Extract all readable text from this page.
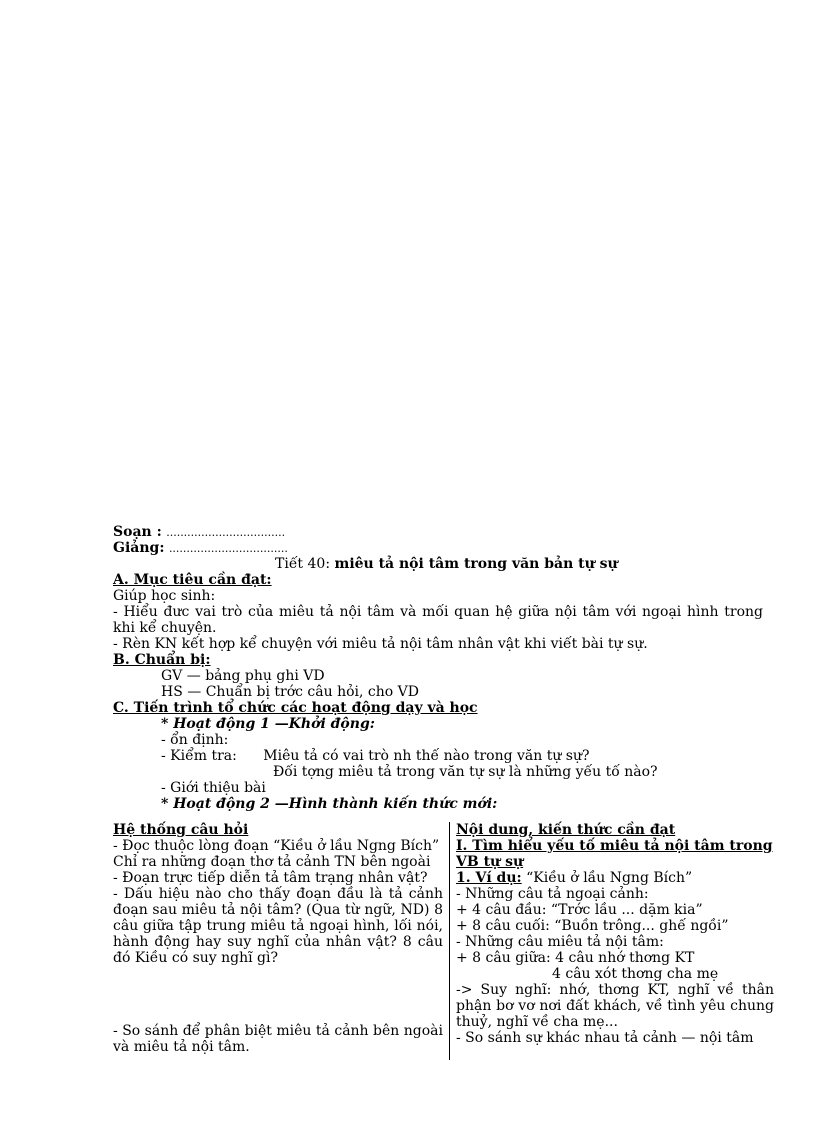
Soạn : ..................................
Giảng: ..................................
Tiết 40: miêu tả nội tâm trong văn bản tự sự
A. Mục tiêu cần đạt:
Giúp học sinh:
- Hiểu đưc vai trò của miêu tả nội tâm và mối quan hệ giữa nội tâm với ngoại hình trong khi kể chuyện.
- Rèn KN kết hợp kể chuyện với miêu tả nội tâm nhân vật khi viết bài tự sự.
B. Chuẩn bị:
GV — bảng phụ ghi VD
HS — Chuẩn bị trớc câu hỏi, cho VD
C. Tiến trình tổ chức các hoạt động dạy và học
* Hoạt động 1 —Khởi động:
- ổn định:
- Kiểm tra: Miêu tả có vai trò nh thế nào trong văn tự sự?
Đối tợng miêu tả trong văn tự sự là những yếu tố nào?
- Giới thiệu bài
* Hoạt động 2 —Hình thành kiến thức mới:
Hệ thống câu hỏi
- Đọc thuộc lòng đoạn “Kiều ở lầu Ngng Bích”
Chỉ ra những đoạn thơ tả cảnh TN bên ngoài
- Đoạn trực tiếp diễn tả tâm trạng nhân vật?
- Dấu hiệu nào cho thấy đoạn đầu là tả cảnh đoạn sau miêu tả nội tâm? (Qua từ ngữ, ND) 8 câu giữa tập trung miêu tả ngoại hình, lối nói, hành động hay suy nghĩ của nhân vật? 8 câu đó Kiều có suy nghĩ gì?
- So sánh để phân biệt miêu tả cảnh bên ngoài và miêu tả nội tâm.
Nội dung, kiến thức cần đạt
I. Tìm hiểu yếu tố miêu tả nội tâm trong VB tự sự
1. Ví dụ: “Kiều ở lầu Ngng Bích”
- Những câu tả ngoại cảnh:
+ 4 câu đầu: “Trớc lầu ... dặm kia”
+ 8 câu cuối: “Buồn trông... ghế ngồi”
- Những câu miêu tả nội tâm:
+ 8 câu giữa: 4 câu nhớ thơng KT
4 câu xót thơng cha mẹ
-> Suy nghĩ: nhớ, thơng KT, nghĩ về thân phận bơ vơ nơi đất khách, về tình yêu chung thuỷ, nghĩ về cha mẹ...
- So sánh sự khác nhau tả cảnh — nội tâm
